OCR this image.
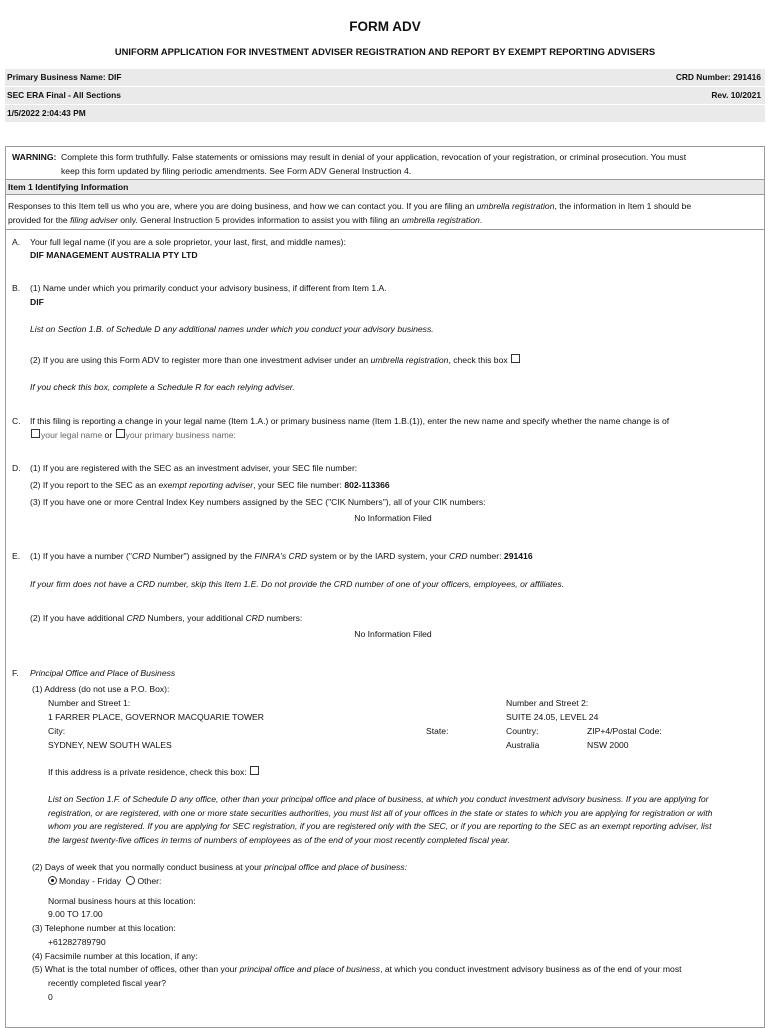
FORM ADV
UNIFORM APPLICATION FOR INVESTMENT ADVISER REGISTRATION AND REPORT BY EXEMPT REPORTING ADVISERS
Primary Business Name: DIF	CRD Number: 291416
SEC ERA Final - All Sections	Rev. 10/2021
1/5/2022 2:04:43 PM
WARNING: Complete this form truthfully. False statements or omissions may result in denial of your application, revocation of your registration, or criminal prosecution. You must
keep this form updated by filing periodic amendments. See Form ADV General Instruction 4.
Item 1 Identifying Information
Responses to this Item tell us who you are, where you are doing business, and how we can contact you. If you are filing an umbrella registration, the information in Item 1 should be
provided for the filing adviser only. General Instruction 5 provides information to assist you with filing an umbrella registration.
A. Your full legal name (if you are a sole proprietor, your last, first, and middle names):
DIF MANAGEMENT AUSTRALIA PTY LTD
B. (1) Name under which you primarily conduct your advisory business, if different from Item 1.A.
DIF
List on Section 1.B. of Schedule D any additional names under which you conduct your advisory business.
(2) If you are using this Form ADV to register more than one investment adviser under an umbrella registration, check this box
If you check this box, complete a Schedule R for each relying adviser.
C. If this filing is reporting a change in your legal name (Item 1.A.) or primary business name (Item 1.B.(1)), enter the new name and specify whether the name change is of
your legal name or your primary business name:
D. (1) If you are registered with the SEC as an investment adviser, your SEC file number:
(2) If you report to the SEC as an exempt reporting adviser, your SEC file number: 802-113366
(3) If you have one or more Central Index Key numbers assigned by the SEC ("CIK Numbers"), all of your CIK numbers:
No Information Filed
E. (1) If you have a number ("CRD Number") assigned by the FINRA's CRD system or by the IARD system, your CRD number: 291416
If your firm does not have a CRD number, skip this Item 1.E. Do not provide the CRD number of one of your officers, employees, or affiliates.
(2) If you have additional CRD Numbers, your additional CRD numbers:
No Information Filed
F. Principal Office and Place of Business
(1) Address (do not use a P.O. Box):
Number and Street 1:
1 FARRER PLACE, GOVERNOR MACQUARIE TOWER
City:
SYDNEY, NEW SOUTH WALES
State:
Number and Street 2:
SUITE 24.05, LEVEL 24
Country:
Australia
ZIP+4/Postal Code:
NSW 2000
If this address is a private residence, check this box:
List on Section 1.F. of Schedule D any office, other than your principal office and place of business, at which you conduct investment advisory business. If you are applying for
registration, or are registered, with one or more state securities authorities, you must list all of your offices in the state or states to which you are applying for registration or with
whom you are registered. If you are applying for SEC registration, if you are registered only with the SEC, or if you are reporting to the SEC as an exempt reporting adviser, list
the largest twenty-five offices in terms of numbers of employees as of the end of your most recently completed fiscal year.
(2) Days of week that you normally conduct business at your principal office and place of business:
Monday - Friday Other:
Normal business hours at this location:
9.00 TO 17.00
(3) Telephone number at this location:
+61282789790
(4) Facsimile number at this location, if any:
(5) What is the total number of offices, other than your principal office and place of business, at which you conduct investment advisory business as of the end of your most
recently completed fiscal year?
0
